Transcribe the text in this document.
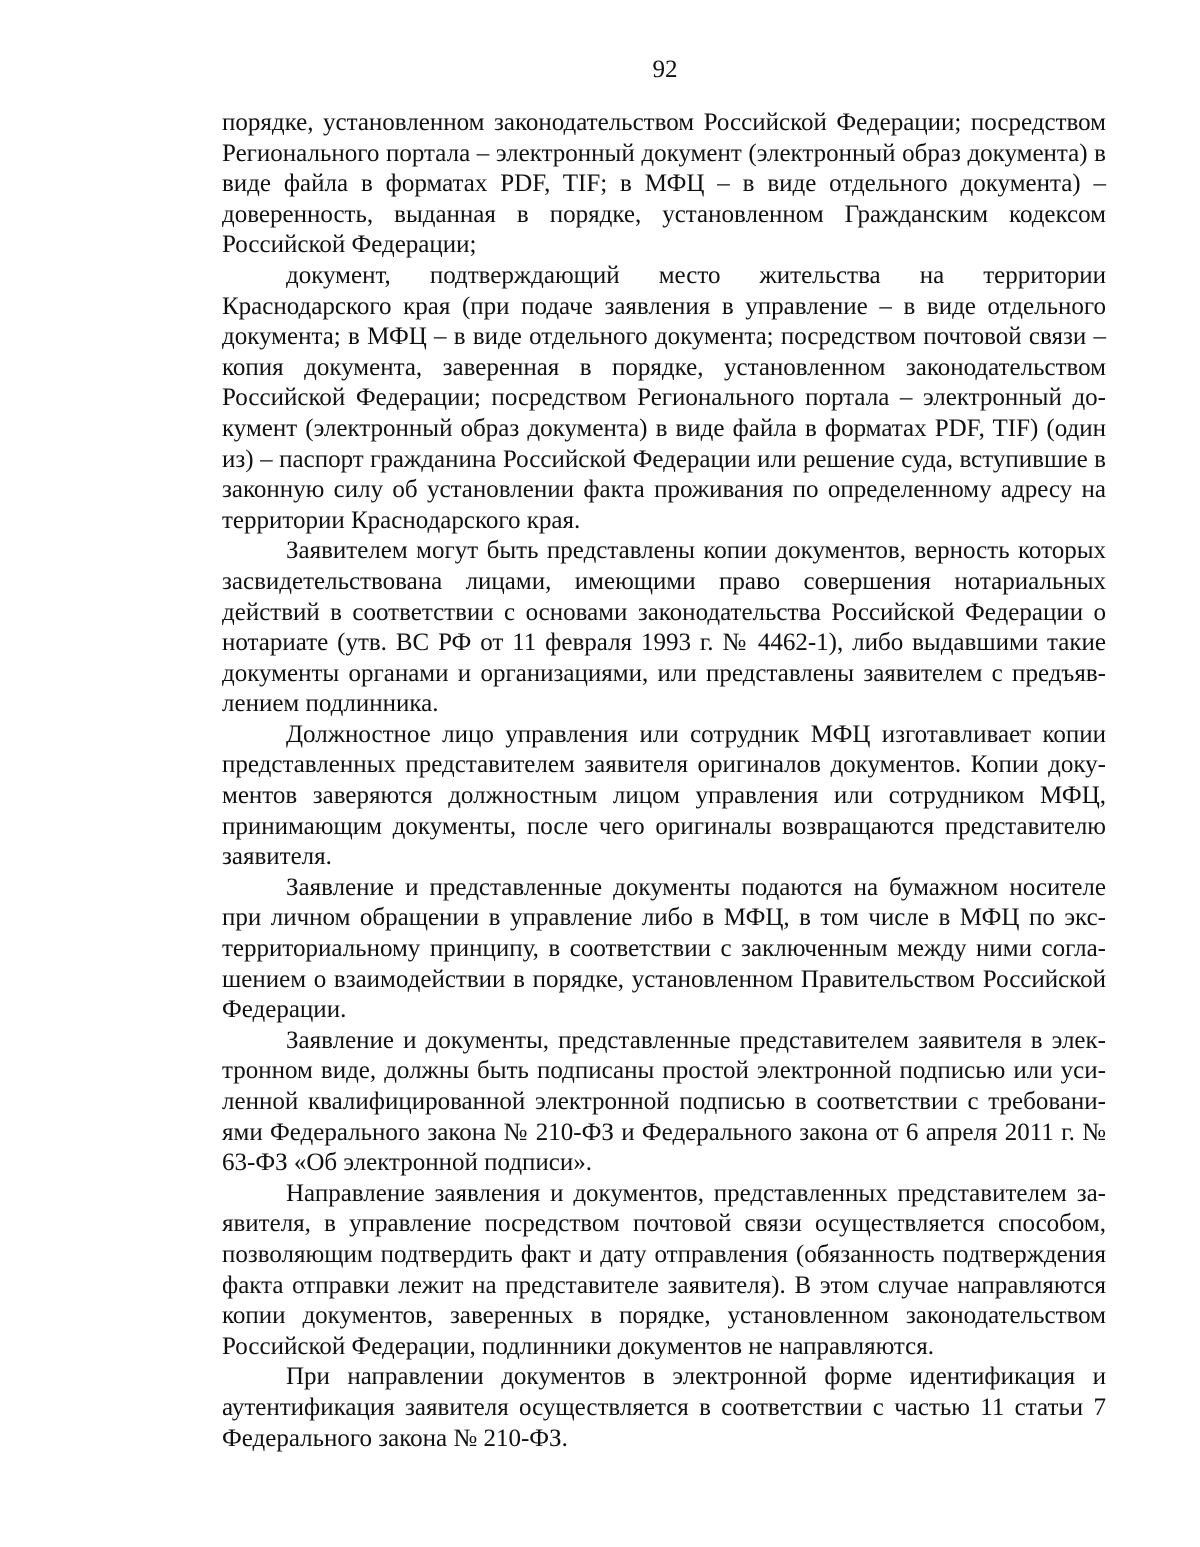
92

порядке, установленном законодательством Российской Федерации; посредством Регионального портала – электронный документ (электронный образ документа) в виде файла в форматах PDF, TIF; в МФЦ – в виде отдельного документа) – доверенность, выданная в порядке, установленном Гражданским кодексом Российской Федерации;

документ, подтверждающий место жительства на территории Краснодарского края (при подаче заявления в управление – в виде отдельного документа; в МФЦ – в виде отдельного документа; посредством почтовой связи – копия документа, заверенная в порядке, установленном законодательством Российской Федерации; посредством Регионального портала – электронный документ (электронный образ документа) в виде файла в форматах PDF, TIF) (один из) – паспорт гражданина Российской Федерации или решение суда, вступившие в законную силу об установлении факта проживания по определенному адресу на территории Краснодарского края.

Заявителем могут быть представлены копии документов, верность которых засвидетельствована лицами, имеющими право совершения нотариальных действий в соответствии с основами законодательства Российской Федерации о нотариате (утв. ВС РФ от 11 февраля 1993 г. № 4462-1), либо выдавшими такие документы органами и организациями, или представлены заявителем с предъявлением подлинника.

Должностное лицо управления или сотрудник МФЦ изготавливает копии представленных представителем заявителя оригиналов документов. Копии документов заверяются должностным лицом управления или сотрудником МФЦ, принимающим документы, после чего оригиналы возвращаются представителю заявителя.

Заявление и представленные документы подаются на бумажном носителе при личном обращении в управление либо в МФЦ, в том числе в МФЦ по экстерриториальному принципу, в соответствии с заключенным между ними соглашением о взаимодействии в порядке, установленном Правительством Российской Федерации.

Заявление и документы, представленные представителем заявителя в электронном виде, должны быть подписаны простой электронной подписью или усиленной квалифицированной электронной подписью в соответствии с требованиями Федерального закона № 210-ФЗ и Федерального закона от 6 апреля 2011 г. № 63-ФЗ «Об электронной подписи».

Направление заявления и документов, представленных представителем заявителя, в управление посредством почтовой связи осуществляется способом, позволяющим подтвердить факт и дату отправления (обязанность подтверждения факта отправки лежит на представителе заявителя). В этом случае направляются копии документов, заверенных в порядке, установленном законодательством Российской Федерации, подлинники документов не направляются.

При направлении документов в электронной форме идентификация и аутентификация заявителя осуществляется в соответствии с частью 11 статьи 7 Федерального закона № 210-ФЗ.
